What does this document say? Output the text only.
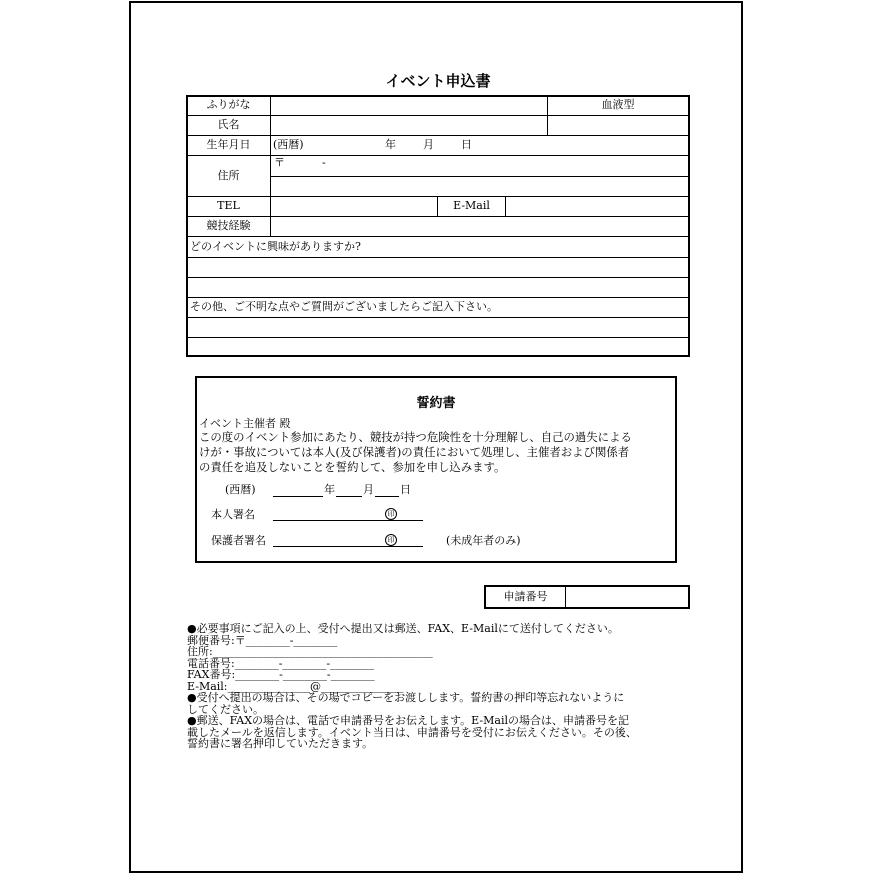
イベント申込書
ふりがな	血液型
氏名
生年月日	(西暦)	年 月 日
住所
〒	-
TEL	E-Mail
競技経験
どのイベントに興味がありますか?
その他、ご不明な点やご質問がございましたらご記入下さい。
誓約書
イベント主催者 殿
この度のイベント参加にあたり、競技が持つ危険性を十分理解し、自己の過失による
けが・事故については本人(及び保護者)の責任において処理し、主催者および関係者
の責任を追及しないことを誓約して、参加を申し込みます。
(西暦)	年	月 日
本人署名	印
保護者署名	印	(未成年者のみ)
申請番号

●必要事項にご記入の上、受付へ提出又は郵送、FAX、E-Mailにて送付してください。

郵便番号:〒________-________

住所:________________________________________

電話番号:________-________-________

FAX番号:________-________-________

E-Mail:_______________@_______________

●受付へ提出の場合は、その場でコピーをお渡しします。誓約書の押印等忘れないように

してください。

●郵送、FAXの場合は、電話で申請番号をお伝えします。E-Mailの場合は、申請番号を記

載したメールを返信します。イベント当日は、申請番号を受付にお伝えください。その後、

誓約書に署名押印していただきます。
